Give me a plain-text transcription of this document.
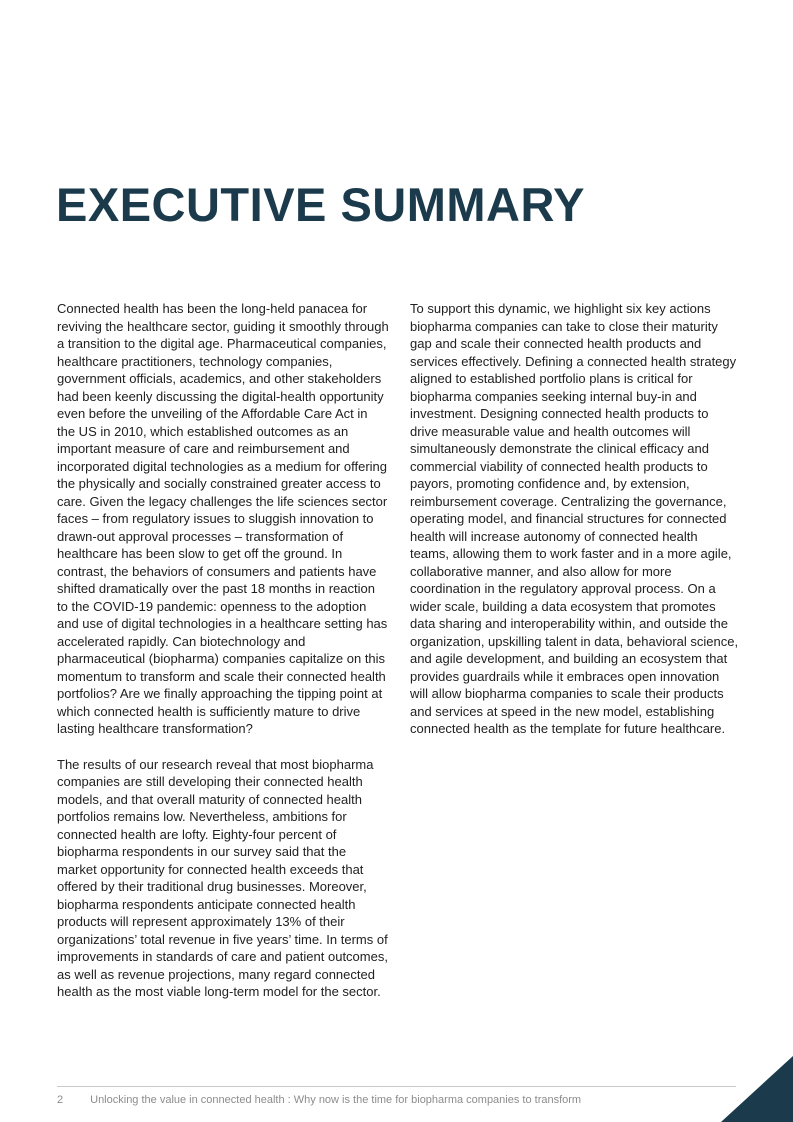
EXECUTIVE SUMMARY

Connected health has been the long-held panacea for reviving the healthcare sector, guiding it smoothly through a transition to the digital age. Pharmaceutical companies, healthcare practitioners, technology companies, government officials, academics, and other stakeholders had been keenly discussing the digital-health opportunity even before the unveiling of the Affordable Care Act in the US in 2010, which established outcomes as an important measure of care and reimbursement and incorporated digital technologies as a medium for offering the physically and socially constrained greater access to care. Given the legacy challenges the life sciences sector faces – from regulatory issues to sluggish innovation to drawn-out approval processes – transformation of healthcare has been slow to get off the ground. In contrast, the behaviors of consumers and patients have shifted dramatically over the past 18 months in reaction to the COVID-19 pandemic: openness to the adoption and use of digital technologies in a healthcare setting has accelerated rapidly. Can biotechnology and pharmaceutical (biopharma) companies capitalize on this momentum to transform and scale their connected health portfolios? Are we finally approaching the tipping point at which connected health is sufficiently mature to drive lasting healthcare transformation?

The results of our research reveal that most biopharma companies are still developing their connected health models, and that overall maturity of connected health portfolios remains low. Nevertheless, ambitions for connected health are lofty. Eighty-four percent of biopharma respondents in our survey said that the market opportunity for connected health exceeds that offered by their traditional drug businesses. Moreover, biopharma respondents anticipate connected health products will represent approximately 13% of their organizations’ total revenue in five years’ time. In terms of improvements in standards of care and patient outcomes, as well as revenue projections, many regard connected health as the most viable long-term model for the sector.

To support this dynamic, we highlight six key actions biopharma companies can take to close their maturity gap and scale their connected health products and services effectively. Defining a connected health strategy aligned to established portfolio plans is critical for biopharma companies seeking internal buy-in and investment. Designing connected health products to drive measurable value and health outcomes will simultaneously demonstrate the clinical efficacy and commercial viability of connected health products to payors, promoting confidence and, by extension, reimbursement coverage. Centralizing the governance, operating model, and financial structures for connected health will increase autonomy of connected health teams, allowing them to work faster and in a more agile, collaborative manner, and also allow for more coordination in the regulatory approval process. On a wider scale, building a data ecosystem that promotes data sharing and interoperability within, and outside the organization, upskilling talent in data, behavioral science, and agile development, and building an ecosystem that provides guardrails while it embraces open innovation will allow biopharma companies to scale their products and services at speed in the new model, establishing connected health as the template for future healthcare.

2 Unlocking the value in connected health : Why now is the time for biopharma companies to transform
